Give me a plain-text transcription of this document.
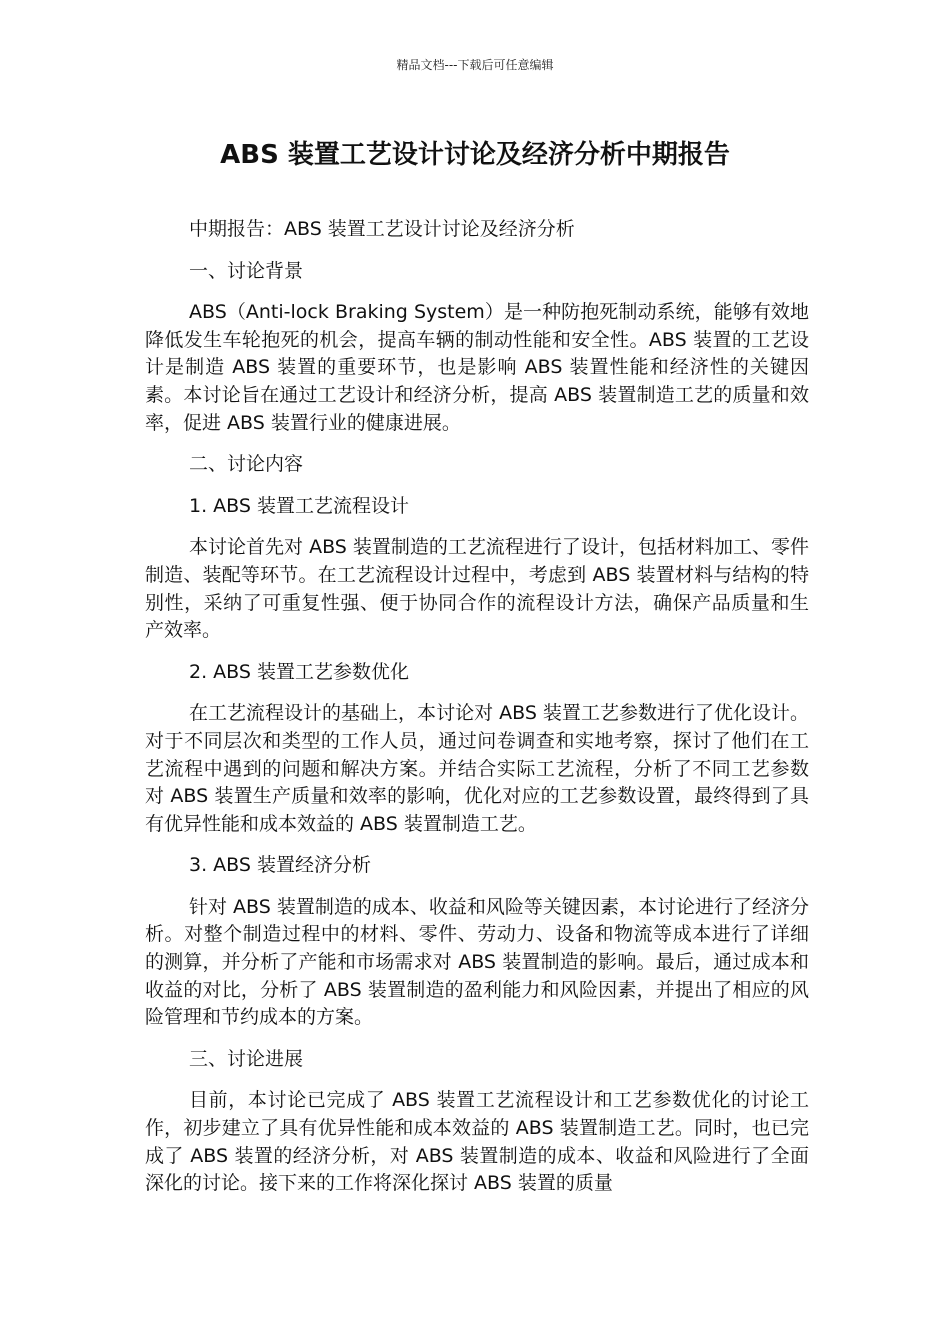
精品文档---下载后可任意编辑
ABS 装置工艺设计讨论及经济分析中期报告

中期报告：ABS 装置工艺设计讨论及经济分析

一、讨论背景

ABS（Anti-lock Braking System）是一种防抱死制动系统，能够有效地降低发生车轮抱死的机会，提高车辆的制动性能和安全性。ABS 装置的工艺设计是制造 ABS 装置的重要环节，也是影响 ABS 装置性能和经济性的关键因素。本讨论旨在通过工艺设计和经济分析，提高 ABS 装置制造工艺的质量和效率，促进 ABS 装置行业的健康进展。

二、讨论内容

1. ABS 装置工艺流程设计

本讨论首先对 ABS 装置制造的工艺流程进行了设计，包括材料加工、零件制造、装配等环节。在工艺流程设计过程中，考虑到 ABS 装置材料与结构的特别性，采纳了可重复性强、便于协同合作的流程设计方法，确保产品质量和生产效率。

2. ABS 装置工艺参数优化

在工艺流程设计的基础上，本讨论对 ABS 装置工艺参数进行了优化设计。对于不同层次和类型的工作人员，通过问卷调查和实地考察，探讨了他们在工艺流程中遇到的问题和解决方案。并结合实际工艺流程，分析了不同工艺参数对 ABS 装置生产质量和效率的影响，优化对应的工艺参数设置，最终得到了具有优异性能和成本效益的 ABS 装置制造工艺。

3. ABS 装置经济分析

针对 ABS 装置制造的成本、收益和风险等关键因素，本讨论进行了经济分析。对整个制造过程中的材料、零件、劳动力、设备和物流等成本进行了详细的测算，并分析了产能和市场需求对 ABS 装置制造的影响。最后，通过成本和收益的对比，分析了 ABS 装置制造的盈利能力和风险因素，并提出了相应的风险管理和节约成本的方案。

三、讨论进展

目前，本讨论已完成了 ABS 装置工艺流程设计和工艺参数优化的讨论工作，初步建立了具有优异性能和成本效益的 ABS 装置制造工艺。同时，也已完成了 ABS 装置的经济分析，对 ABS 装置制造的成本、收益和风险进行了全面深化的讨论。接下来的工作将深化探讨 ABS 装置的质量
